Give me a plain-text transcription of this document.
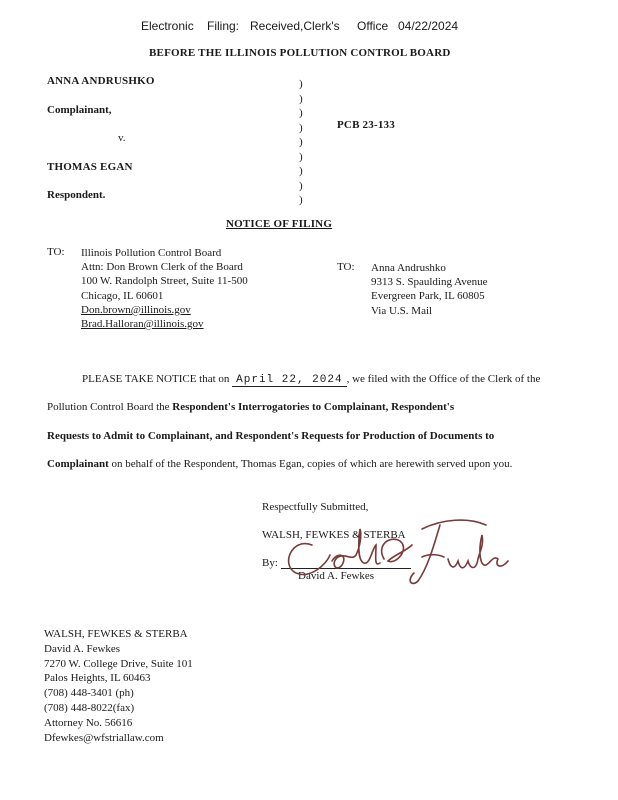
Electronic Filing: Received,Clerk's Office 04/22/2024
BEFORE THE ILLINOIS POLLUTION CONTROL BOARD
ANNA ANDRUSHKO
Complainant,
v.
THOMAS EGAN
Respondent.
)
)
)
)
)
)
)
)
)
PCB 23-133
NOTICE OF FILING
TO: Illinois Pollution Control Board
Attn: Don Brown Clerk of the Board
100 W. Randolph Street, Suite 11-500
Chicago, IL 60601
Don.brown@illinois.gov
Brad.Halloran@illinois.gov
TO: Anna Andrushko
9313 S. Spaulding Avenue
Evergreen Park, IL 60805
Via U.S. Mail
PLEASE TAKE NOTICE that on April 22, 2024 , we filed with the Office of the Clerk of the
Pollution Control Board the Respondent's Interrogatories to Complainant, Respondent's
Requests to Admit to Complainant, and Respondent's Requests for Production of Documents to
Complainant on behalf of the Respondent, Thomas Egan, copies of which are herewith served upon you.
Respectfully Submitted,
WALSH, FEWKES & STERBA
By:
David A. Fewkes
WALSH, FEWKES & STERBA
David A. Fewkes
7270 W. College Drive, Suite 101
Palos Heights, IL 60463
(708) 448-3401 (ph)
(708) 448-8022(fax)
Attorney No. 56616
Dfewkes@wfstriallaw.com
